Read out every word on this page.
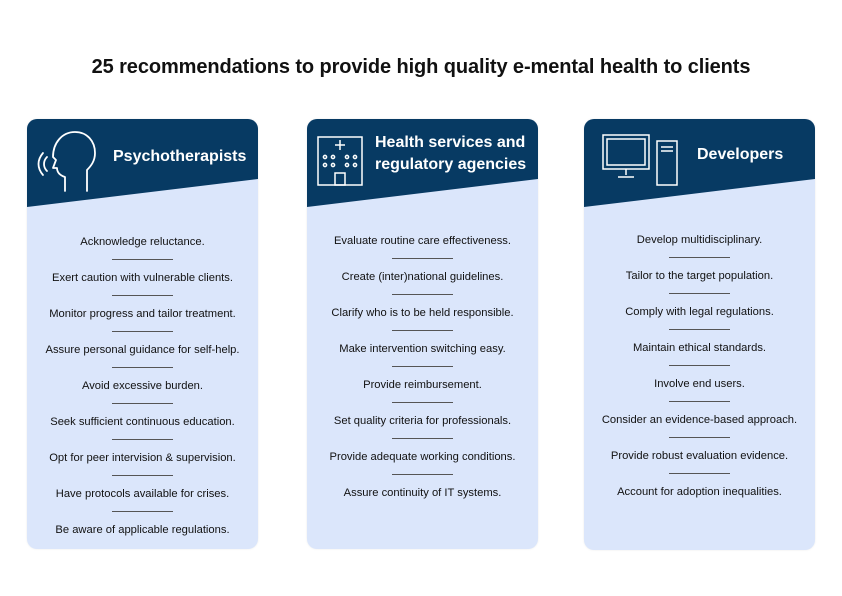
25 recommendations to provide high quality e-mental health to clients
Psychotherapists
Acknowledge reluctance.
Exert caution with vulnerable clients.
Monitor progress and tailor treatment.
Assure personal guidance for self-help.
Avoid excessive burden.
Seek sufficient continuous education.
Opt for peer intervision & supervision.
Have protocols available for crises.
Be aware of applicable regulations.
Health services and regulatory agencies
Evaluate routine care effectiveness.
Create (inter)national guidelines.
Clarify who is to be held responsible.
Make intervention switching easy.
Provide reimbursement.
Set quality criteria for professionals.
Provide adequate working conditions.
Assure continuity of IT systems.
Developers
Develop multidisciplinary.
Tailor to the target population.
Comply with legal regulations.
Maintain ethical standards.
Involve end users.
Consider an evidence-based approach.
Provide robust evaluation evidence.
Account for adoption inequalities.
